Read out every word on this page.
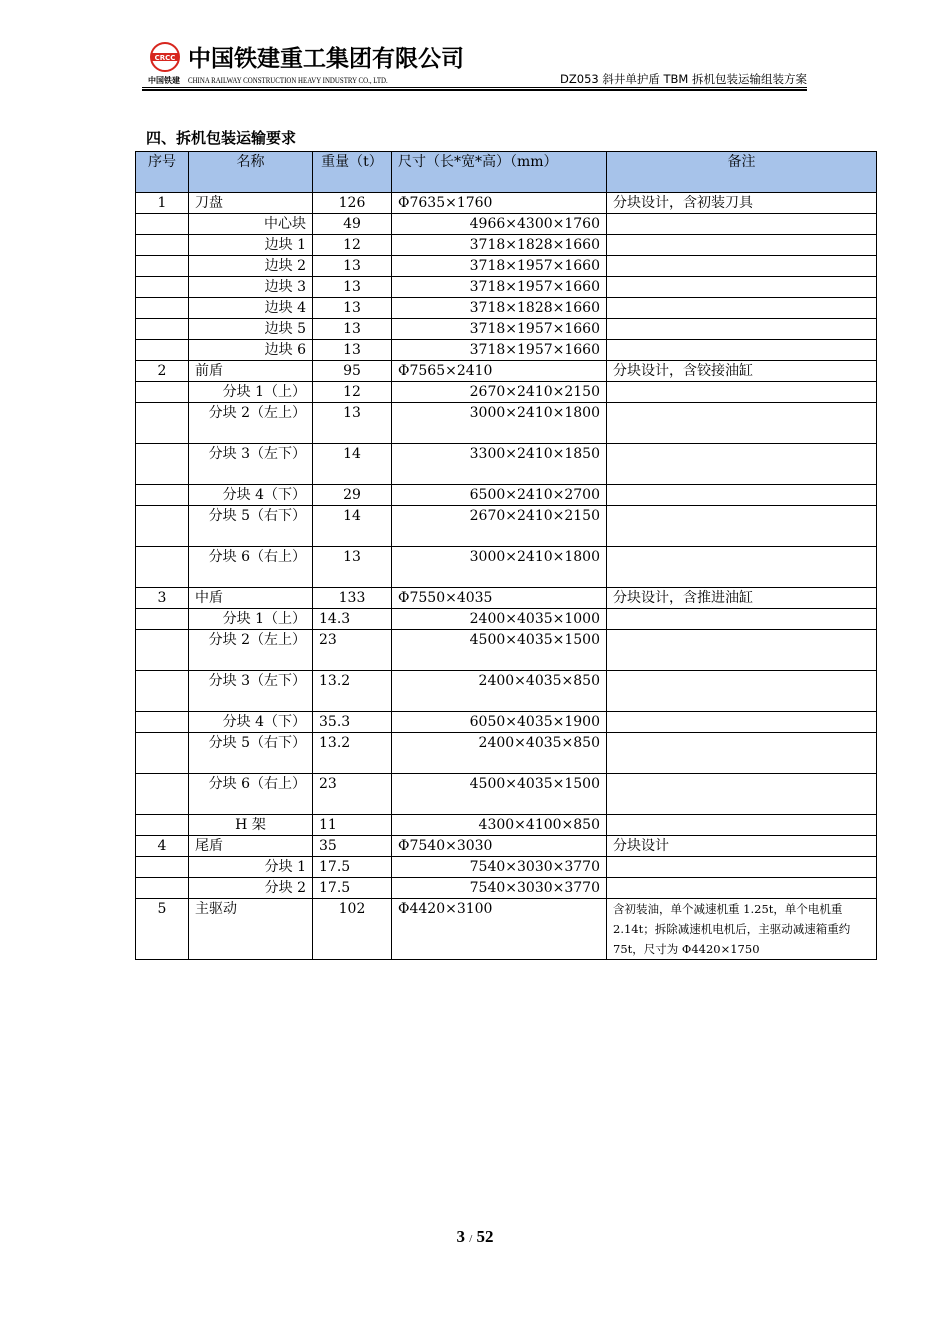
CRCC
中国铁建
中国铁建重工集团有限公司
CHINA RAILWAY CONSTRUCTION HEAVY INDUSTRY CO., LTD.	DZ053 斜井单护盾 TBM 拆机包装运输组装方案
四、拆机包装运输要求
序号	名称	重量（t）	尺寸（长*宽*高）（mm）	备注
1	刀盘	126	Φ7635×1760	分块设计，含初装刀具
	中心块	49	4966×4300×1760	
	边块 1	12	3718×1828×1660	
	边块 2	13	3718×1957×1660	
	边块 3	13	3718×1957×1660	
	边块 4	13	3718×1828×1660	
	边块 5	13	3718×1957×1660	
	边块 6	13	3718×1957×1660	
2	前盾	95	Φ7565×2410	分块设计，含铰接油缸
	分块 1（上）	12	2670×2410×2150	
	分块 2（左上）	13	3000×2410×1800	
	分块 3（左下）	14	3300×2410×1850	
	分块 4（下）	29	6500×2410×2700	
	分块 5（右下）	14	2670×2410×2150	
	分块 6（右上）	13	3000×2410×1800	
3	中盾	133	Φ7550×4035	分块设计，含推进油缸
	分块 1（上）	14.3	2400×4035×1000	
	分块 2（左上）	23	4500×4035×1500	
	分块 3（左下）	13.2	2400×4035×850	
	分块 4（下）	35.3	6050×4035×1900	
	分块 5（右下）	13.2	2400×4035×850	
	分块 6（右上）	23	4500×4035×1500	
	H 架	11	4300×4100×850	
4	尾盾	35	Φ7540×3030	分块设计
	分块 1	17.5	7540×3030×3770	
	分块 2	17.5	7540×3030×3770	
5	主驱动	102	Φ4420×3100	含初装油，单个减速机重 1.25t，单个电机重 2.14t；拆除减速机电机后，主驱动减速箱重约 75t，尺寸为 Φ4420×1750
3 / 52
